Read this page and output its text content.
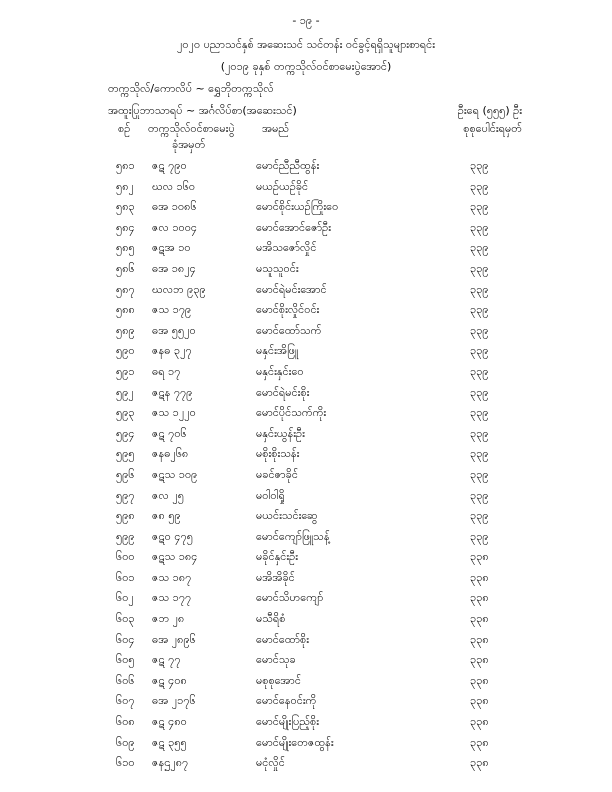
- ၁၉ -
၂၀၂၀ ပညာသင်နှစ် အဆေးသင် သင်တန်း ဝင်ခွင့်ရရှိသူများစာရင်း
(၂၀၁၉ ခုနှစ် တက္ကသိုလ်ဝင်စာမေးပွဲအောင်)
တက္ကသိုလ်/ကောလိပ် ~ ရွှေဘိုတက္ကသိုလ်
အထူးပြုဘာသာရပ် ~ အင်္ဂလိပ်စာ(အဆေးသင်)	ဦးရေ (၅၅၅) ဦး
စဉ် တက္ကသိုလ်ဝင်စာမေးပွဲ
ခုံအမှတ်
အမည်	စုစုပေါင်းရမှတ်
၅၈၁ ဇဋ ၇၉၀	မောင်ညီညီထွန်း	၃၃၉
၅၈၂ ဃလ ၁၆၀	မယဉ်ယဉ်ခိုင်	၃၃၉
၅၈၃ ဓအ ၁၀၈၆	မောင်စိုင်းယဉ်ကြိုးဝေ	၃၃၉
၅၈၄ ဇလ ၁၀၀၄	မောင်အောင်ဇော်ဦး	၃၃၉
၅၈၅ ဇဋအ ၁၀	မအိသဇော်လှိုင်	၃၃၉
၅၈၆ ဓအ ၁၈၂၄	မသူသူဝင်း	၃၃၉
၅၈၇ ဃလဘ ၉၃၉	မောင်ရဲမင်းအောင်	၃၃၉
၅၈၈ ဇသ ၁၇၉	မောင်စိုးလှိုင်ဝင်း	၃၃၉
၅၈၉ ဓအ ၅၅၂၀	မောင်ထော်သက်	၃၃၉
၅၉၀ ဇနဓ ၃၂၇	မနှင်းအိဖြူ	၃၃၉
၅၉၁ ဓရ ၁၇	မနှင်းနှင်းဝေ	၃၃၉
၅၉၂ ဇဋန ၇၇၉	မောင်ရဲမင်းစိုး	၃၃၉
၅၉၃ ဇသ ၁၂၂၀	မောင်ပိုင်သက်ကိုး	၃၃၉
၅၉၄ ဇဋ ၇၀၆	မနှင်းယွန်းဦး	၃၃၉
၅၉၅ ဇနဓ၂၆၈	မစိုးစိုးသန်း	၃၃၉
၅၉၆ ဇဋသ ၁၀၉	မခင်ဇာခိုင်	၃၃၉
၅၉၇ ဇလ ၂၅	မဝါဝါရှို	၃၃၉
၅၉၈ ဇ၈ ၅၉	မယင်းသင်းဆွေ	၃၃၉
၅၉၉ ဇဋဝ ၄၇၅	မောင်ကျော်ဖြူသန့်	၃၃၉
၆၀၀ ဇဋသ ၁၈၄	မခိုင်နှင်းဦး	၃၃၈
၆၀၁ ဇသ ၁၈၇	မအိအိခိုင်	၃၃၈
၆၀၂ ဇသ ၁၇၇	မောင်သိဟကျော်	၃၃၈
၆၀၃ ဇဘ ၂၈	မသီရိစံ	၃၃၈
၆၀၄ ဓအ ၂၈၉၆	မောင်ထော်စိုး	၃၃၈
၆၀၅ ဇဋ ၇၇	မောင်သုခ	၃၃၈
၆၀၆ ဇဋ ၄၀၈	မစုစုအောင်	၃၃၈
၆၀၇ ဓအ ၂၁၇၆	မောင်နေဝင်းကို	၃၃၈
၆၀၈ ဇဋ ၄၈၀	မောင်မျိုးပြည့်စိုး	၃၃၈
၆၀၉ ဇဋ ၃၅၅	မောင်မျိုးတေဇထွန်း	၃၃၈
၆၁၀ ဇနဌ၂၈၇	မငုံလှိုင်	၃၃၈
